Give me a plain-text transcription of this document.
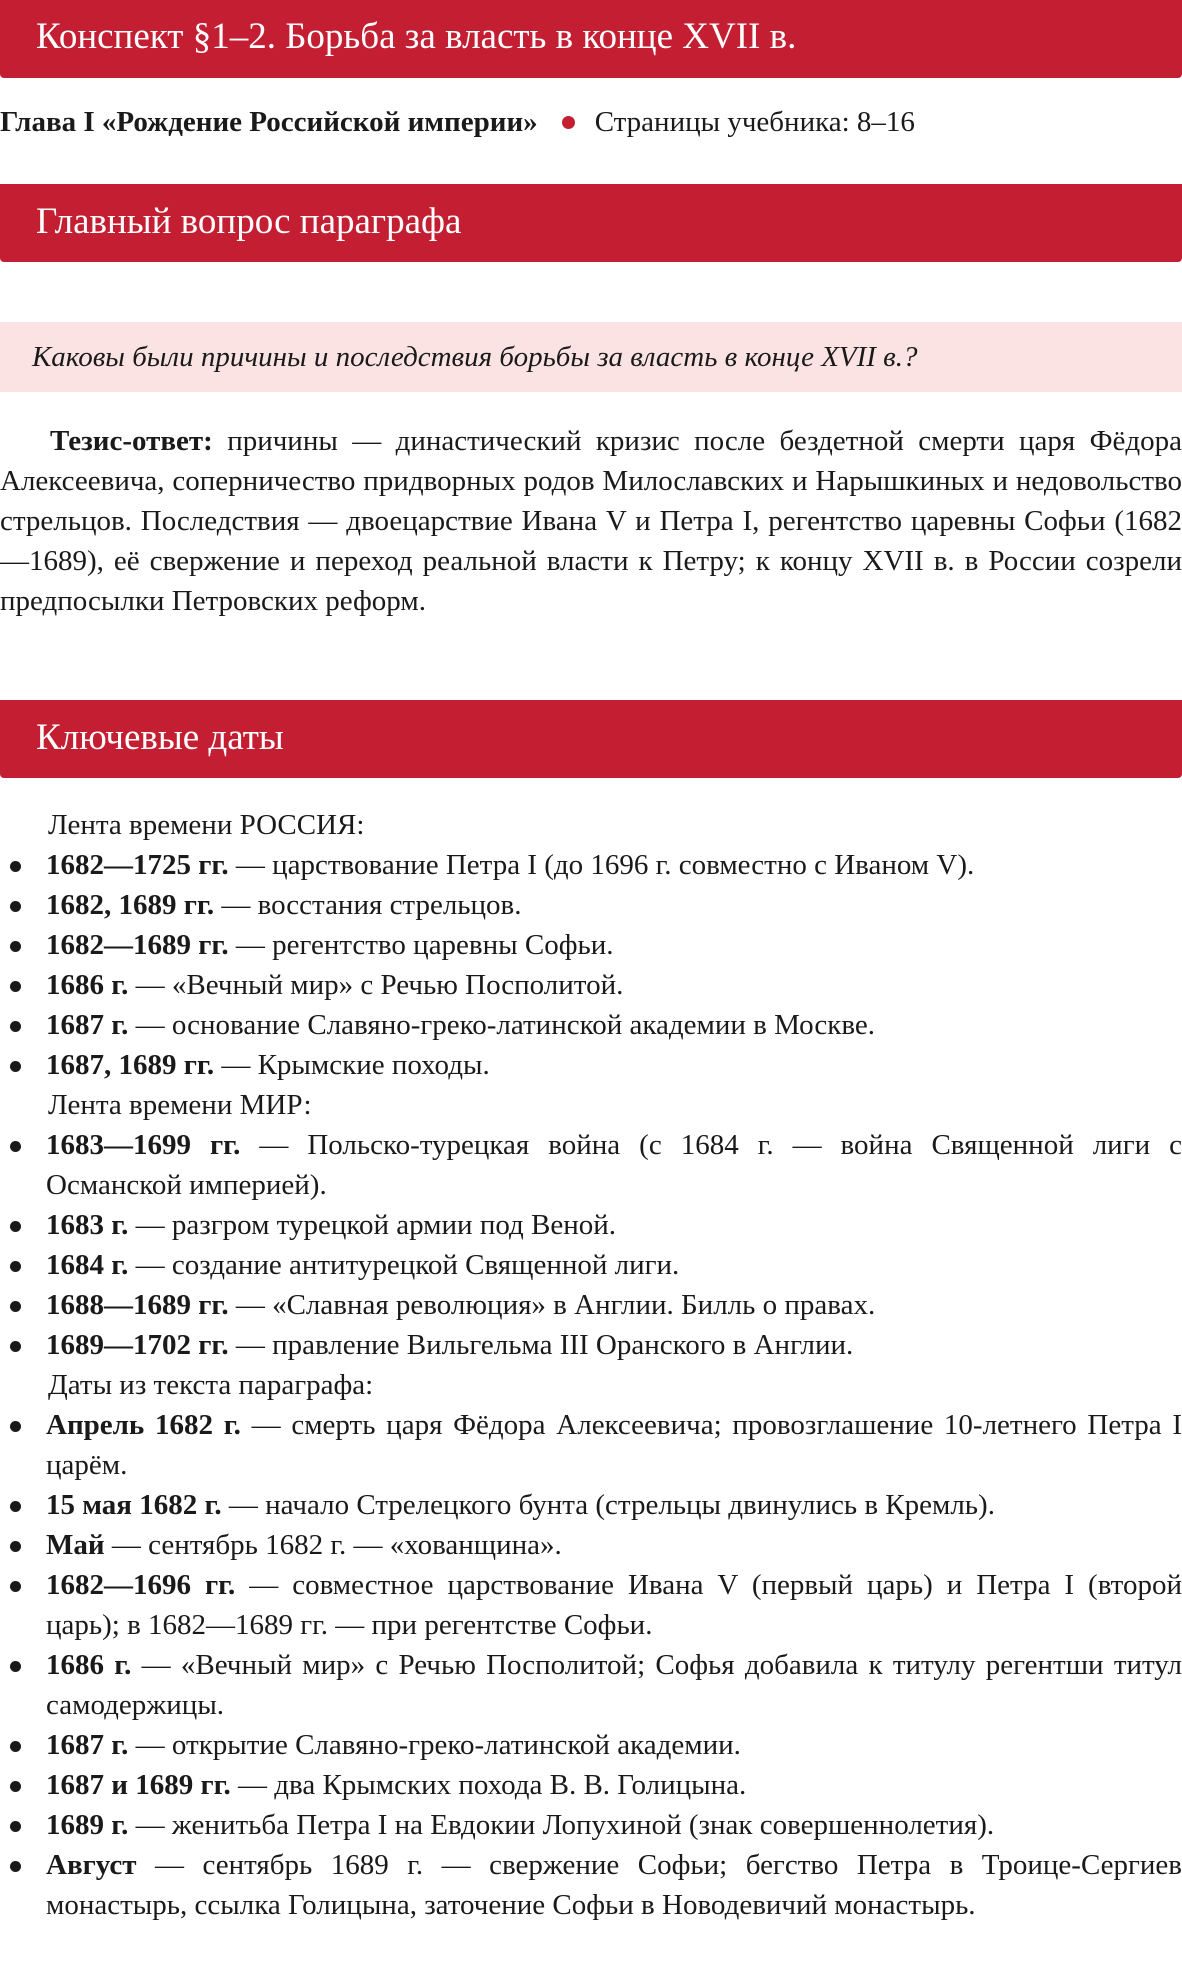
Конспект §1–2. Борьба за власть в конце XVII в.
Глава I «Рождение Российской империи» Страницы учебника: 8–16
Главный вопрос параграфа
Каковы были причины и последствия борьбы за власть в конце XVII в.?

Тезис-ответ: причины — династический кризис после бездетной смерти царя Фёдора Алексеевича, соперничество придворных родов Милославских и Нарышкиных и недовольство стрельцов. Последствия — двоецарствие Ивана V и Петра I, регентство царевны Софьи (1682—1689), её свержение и переход реальной власти к Петру; к концу XVII в. в России созрели предпосылки Петровских реформ.

Ключевые даты
Лента времени РОССИЯ:
1682—1725 гг. — царствование Петра I (до 1696 г. совместно с Иваном V).
1682, 1689 гг. — восстания стрельцов.
1682—1689 гг. — регентство царевны Софьи.
1686 г. — «Вечный мир» с Речью Посполитой.
1687 г. — основание Славяно-греко-латинской академии в Москве.
1687, 1689 гг. — Крымские походы.
Лента времени МИР:
1683—1699 гг. — Польско-турецкая война (с 1684 г. — война Священной лиги с Османской империей).
1683 г. — разгром турецкой армии под Веной.
1684 г. — создание антитурецкой Священной лиги.
1688—1689 гг. — «Славная революция» в Англии. Билль о правах.
1689—1702 гг. — правление Вильгельма III Оранского в Англии.
Даты из текста параграфа:
Апрель 1682 г. — смерть царя Фёдора Алексеевича; провозглашение 10-летнего Петра I царём.
15 мая 1682 г. — начало Стрелецкого бунта (стрельцы двинулись в Кремль).
Май — сентябрь 1682 г. — «хованщина».
1682—1696 гг. — совместное царствование Ивана V (первый царь) и Петра I (второй царь); в 1682—1689 гг. — при регентстве Софьи.
1686 г. — «Вечный мир» с Речью Посполитой; Софья добавила к титулу регентши титул самодержицы.
1687 г. — открытие Славяно-греко-латинской академии.
1687 и 1689 гг. — два Крымских похода В. В. Голицына.
1689 г. — женитьба Петра I на Евдокии Лопухиной (знак совершеннолетия).
Август — сентябрь 1689 г. — свержение Софьи; бегство Петра в Троице-Сергиев монастырь, ссылка Голицына, заточение Софьи в Новодевичий монастырь.
